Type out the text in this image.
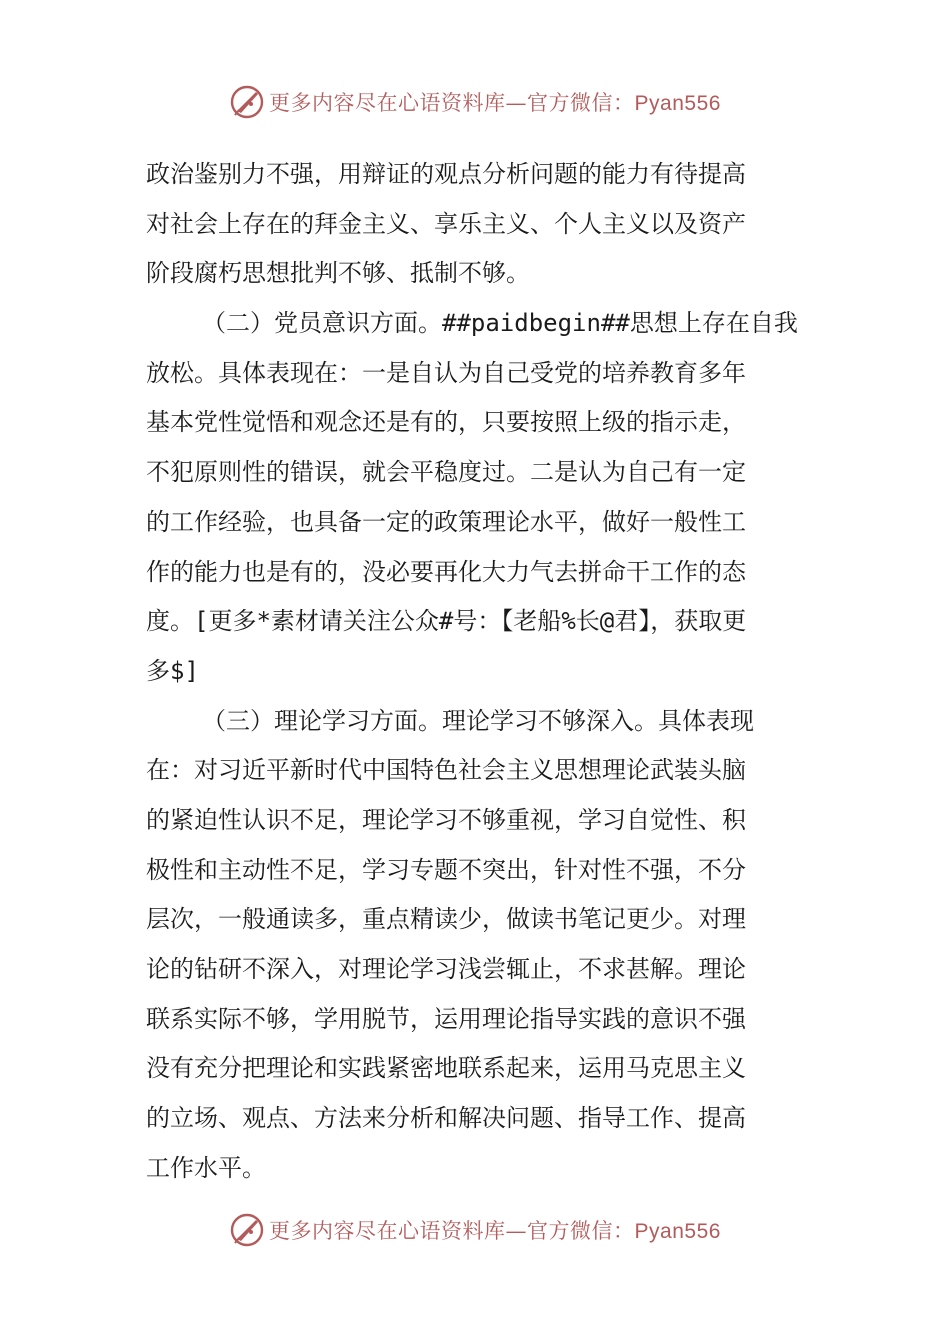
更多内容尽在心语资料库—官方微信：Pyan556
政治鉴别力不强，用辩证的观点分析问题的能力有待提高
对社会上存在的拜金主义、享乐主义、个人主义以及资产
阶段腐朽思想批判不够、抵制不够。
（二）党员意识方面。##paidbegin##思想上存在自我
放松。具体表现在：一是自认为自己受党的培养教育多年
基本党性觉悟和观念还是有的，只要按照上级的指示走，
不犯原则性的错误，就会平稳度过。二是认为自己有一定
的工作经验，也具备一定的政策理论水平，做好一般性工
作的能力也是有的，没必要再化大力气去拼命干工作的态
度。[更多*素材请关注公众#号：【老船%长@君】，获取更
多$]
（三）理论学习方面。理论学习不够深入。具体表现
在：对习近平新时代中国特色社会主义思想理论武装头脑
的紧迫性认识不足，理论学习不够重视，学习自觉性、积
极性和主动性不足，学习专题不突出，针对性不强，不分
层次，一般通读多，重点精读少，做读书笔记更少。对理
论的钻研不深入，对理论学习浅尝辄止，不求甚解。理论
联系实际不够，学用脱节，运用理论指导实践的意识不强
没有充分把理论和实践紧密地联系起来，运用马克思主义
的立场、观点、方法来分析和解决问题、指导工作、提高
工作水平。
更多内容尽在心语资料库—官方微信：Pyan556
